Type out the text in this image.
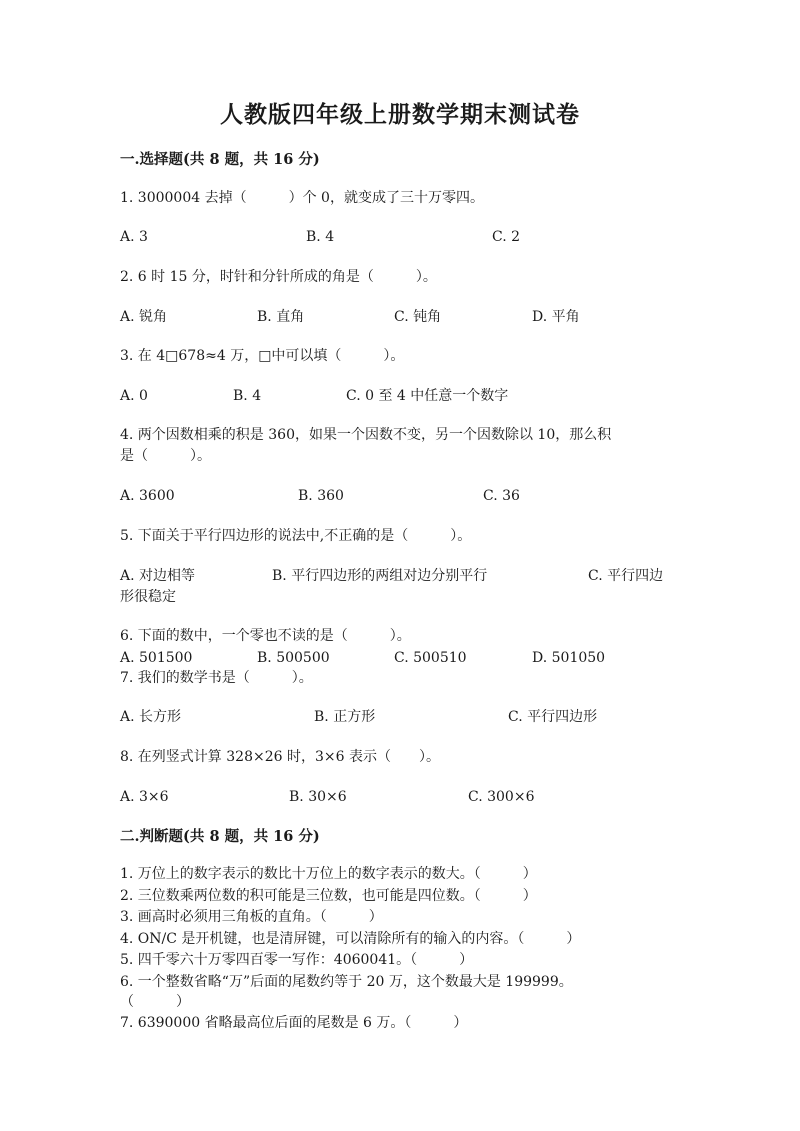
人教版四年级上册数学期末测试卷
一.选择题(共 8 题，共 16 分)
1. 3000004 去掉（　　　）个 0，就变成了三十万零四。
A. 3	B. 4	C. 2
2. 6 时 15 分，时针和分针所成的角是（　　　）。
A. 锐角	B. 直角	C. 钝角	D. 平角
3. 在 4□678≈4 万，□中可以填（　　　）。
A. 0	B. 4	C. 0 至 4 中任意一个数字
4. 两个因数相乘的积是 360，如果一个因数不变，另一个因数除以 10，那么积
是（　　　）。
A. 3600	B. 360	C. 36
5. 下面关于平行四边形的说法中,不正确的是（　　　）。
A. 对边相等	B. 平行四边形的两组对边分别平行	C. 平行四边
形很稳定
6. 下面的数中，一个零也不读的是（　　　）。
A. 501500	B. 500500	C. 500510	D. 501050
7. 我们的数学书是（　　　）。
A. 长方形	B. 正方形	C. 平行四边形
8. 在列竖式计算 328×26 时，3×6 表示（　　）。
A. 3×6	B. 30×6	C. 300×6
二.判断题(共 8 题，共 16 分)
1. 万位上的数字表示的数比十万位上的数字表示的数大。（　　　）
2. 三位数乘两位数的积可能是三位数，也可能是四位数。（　　　）
3. 画高时必须用三角板的直角。（　　　）
4. ON/C 是开机键，也是清屏键，可以清除所有的输入的内容。（　　　）
5. 四千零六十万零四百零一写作：4060041。（　　　）
6. 一个整数省略“万”后面的尾数约等于 20 万，这个数最大是 199999。
（　　　）
7. 6390000 省略最高位后面的尾数是 6 万。（　　　）
